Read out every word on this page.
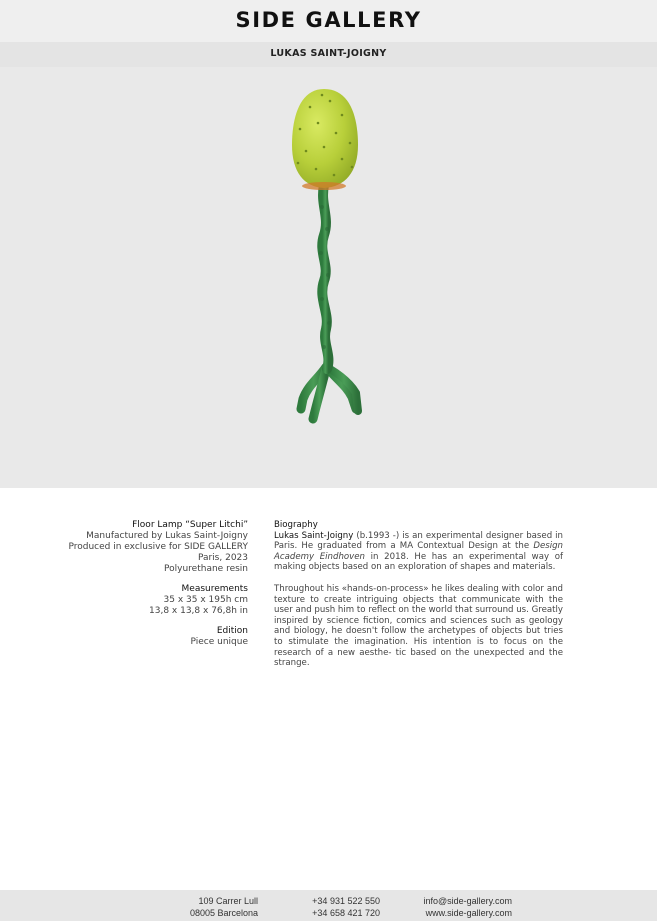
SIDE GALLERY
LUKAS SAINT-JOIGNY
Floor Lamp “Super Litchi”
Manufactured by Lukas Saint-Joigny
Produced in exclusive for SIDE GALLERY
Paris, 2023
Polyurethane resin
Measurements
35 x 35 x 195h cm
13,8 x 13,8 x 76,8h in
Edition
Piece unique
Biography

Lukas Saint-Joigny (b.1993 -) is an experimental designer based in Paris. He graduated from a MA Contextual Design at the Design Academy Eindhoven in 2018. He has an experimental way of making objects based on an exploration of shapes and materials.

Throughout his «hands-on-process» he likes dealing with color and texture to create intriguing objects that communicate with the user and push him to reflect on the world that surround us. Greatly inspired by science fiction, comics and sciences such as geology and biology, he doesn't follow the archetypes of objects but tries to stimulate the imagination. His intention is to focus on the research of a new aesthe- tic based on the unexpected and the strange.

109 Carrer Lull
08005 Barcelona
+34 931 522 550
+34 658 421 720
info@side-gallery.com
www.side-gallery.com
